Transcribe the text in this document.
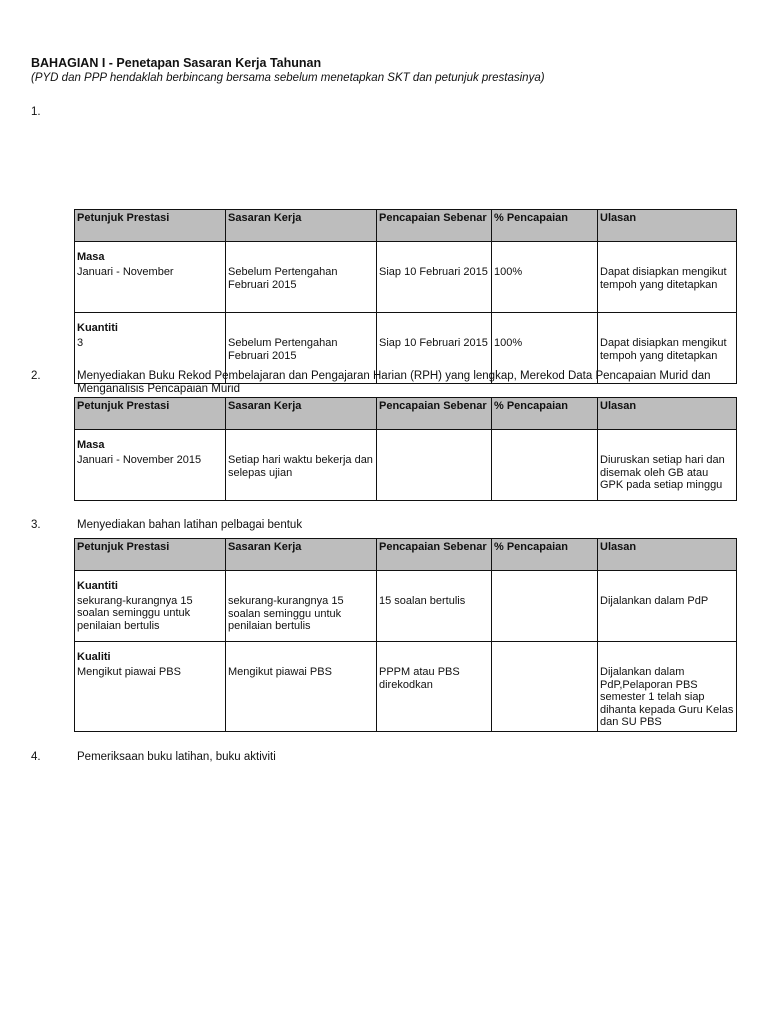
BAHAGIAN I - Penetapan Sasaran Kerja Tahunan
(PYD dan PPP hendaklah berbincang bersama sebelum menetapkan SKT dan petunjuk prestasinya)
1.
2.	Menyediakan Buku Rekod Pembelajaran dan Pengajaran Harian (RPH) yang lengkap, Merekod Data Pencapaian Murid dan Menganalisis Pencapaian Murid
3.	Menyediakan bahan latihan pelbagai bentuk
4.	Pemeriksaan buku latihan, buku aktiviti
Petunjuk Prestasi	Sasaran Kerja	Pencapaian Sebenar	% Pencapaian	Ulasan

Masa
Januari - November	Sebelum Pertengahan Februari 2015	Siap 10 Februari 2015	100%	Dapat disiapkan mengikut tempoh yang ditetapkan

Kuantiti
3	Sebelum Pertengahan Februari 2015	Siap 10 Februari 2015	100%	Dapat disiapkan mengikut tempoh yang ditetapkan
Petunjuk Prestasi	Sasaran Kerja	Pencapaian Sebenar	% Pencapaian	Ulasan

Masa
Januari - November 2015	Setiap hari waktu bekerja dan selepas ujian			Diuruskan setiap hari dan disemak oleh GB atau GPK pada setiap minggu
Petunjuk Prestasi	Sasaran Kerja	Pencapaian Sebenar	% Pencapaian	Ulasan

Kuantiti
sekurang-kurangnya 15 soalan seminggu untuk penilaian bertulis	sekurang-kurangnya 15 soalan seminggu untuk penilaian bertulis	15 soalan bertulis		Dijalankan dalam PdP

Kualiti
Mengikut piawai PBS	Mengikut piawai PBS	PPPM atau PBS direkodkan		Dijalankan dalam PdP,Pelaporan PBS semester 1 telah siap dihanta kepada Guru Kelas dan SU PBS
